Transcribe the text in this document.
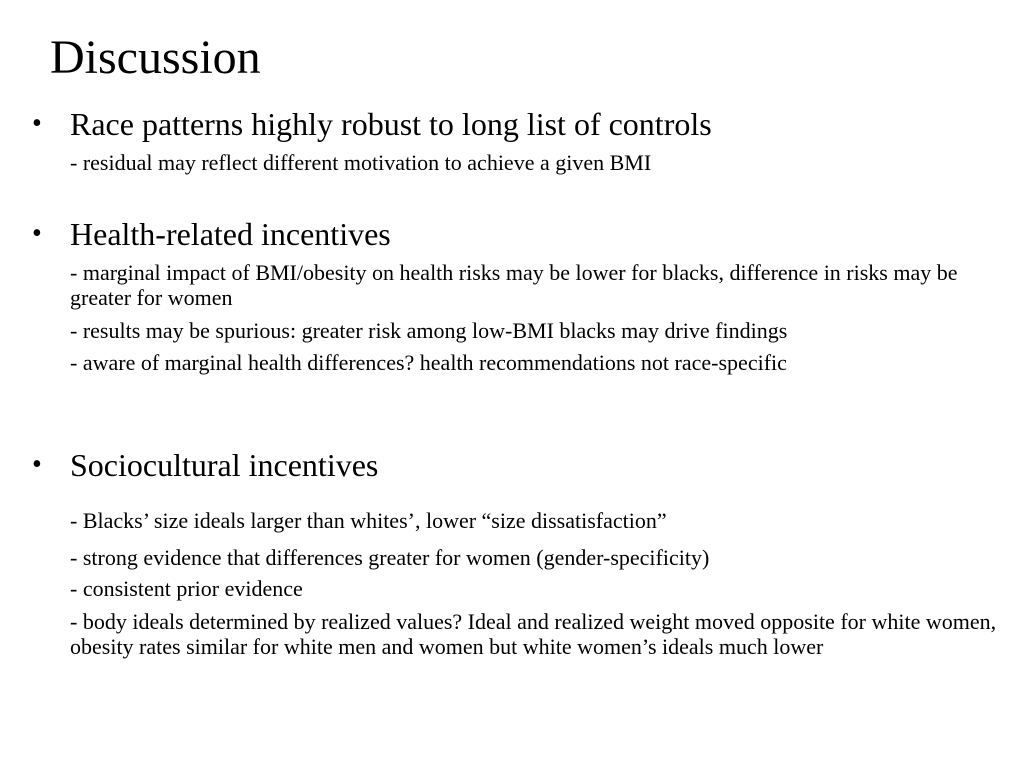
Discussion
• Race patterns highly robust to long list of controls
- residual may reflect different motivation to achieve a given BMI
• Health-related incentives
- marginal impact of BMI/obesity on health risks may be lower for blacks, difference in risks may be greater for women
- results may be spurious: greater risk among low-BMI blacks may drive findings
- aware of marginal health differences? health recommendations not race-specific
• Sociocultural incentives
- Blacks’ size ideals larger than whites’, lower “size dissatisfaction”
- strong evidence that differences greater for women (gender-specificity)
- consistent prior evidence
- body ideals determined by realized values? Ideal and realized weight moved opposite for white women, obesity rates similar for white men and women but white women’s ideals much lower
